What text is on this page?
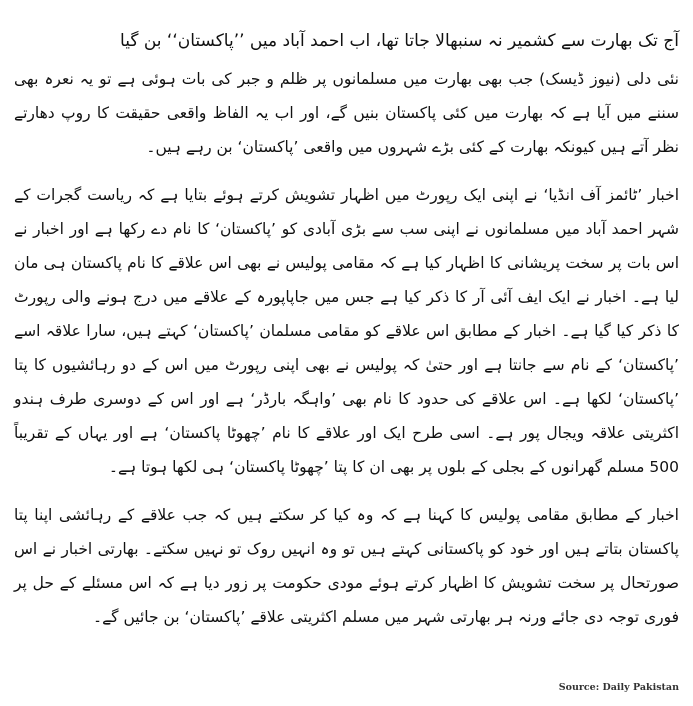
آج تک بھارت سے کشمیر نہ سنبھالا جاتا تھا، اب احمد آباد میں ’’پاکستان‘‘ بن گیا

نئی دلی (نیوز ڈیسک) جب بھی بھارت میں مسلمانوں پر ظلم و جبر کی بات ہوئی ہے تو یہ نعرہ بھی سننے میں آیا ہے کہ بھارت میں کئی پاکستان بنیں گے، اور اب یہ الفاظ واقعی حقیقت کا روپ دھارتے نظر آتے ہیں کیونکہ بھارت کے کئی بڑے شہروں میں واقعی ’پاکستان‘ بن رہے ہیں۔

اخبار ’ٹائمز آف انڈیا‘ نے اپنی ایک رپورٹ میں اظہار تشویش کرتے ہوئے بتایا ہے کہ ریاست گجرات کے شہر احمد آباد میں مسلمانوں نے اپنی سب سے بڑی آبادی کو ’پاکستان‘ کا نام دے رکھا ہے اور اخبار نے اس بات پر سخت پریشانی کا اظہار کیا ہے کہ مقامی پولیس نے بھی اس علاقے کا نام پاکستان ہی مان لیا ہے۔ اخبار نے ایک ایف آئی آر کا ذکر کیا ہے جس میں جاپاپورہ کے علاقے میں درج ہونے والی رپورٹ کا ذکر کیا گیا ہے۔ اخبار کے مطابق اس علاقے کو مقامی مسلمان ’پاکستان‘ کہتے ہیں، سارا علاقہ اسے ’پاکستان‘ کے نام سے جانتا ہے اور حتیٰ کہ پولیس نے بھی اپنی رپورٹ میں اس کے دو رہائشیوں کا پتا ’پاکستان‘ لکھا ہے۔ اس علاقے کی حدود کا نام بھی ’واہگہ بارڈر‘ ہے اور اس کے دوسری طرف ہندو اکثریتی علاقہ ویجال پور ہے۔ اسی طرح ایک اور علاقے کا نام ’چھوٹا پاکستان‘ ہے اور یہاں کے تقریباً 500 مسلم گھرانوں کے بجلی کے بلوں پر بھی ان کا پتا ’چھوٹا پاکستان‘ ہی لکھا ہوتا ہے۔

اخبار کے مطابق مقامی پولیس کا کہنا ہے کہ وہ کیا کر سکتے ہیں کہ جب علاقے کے رہائشی اپنا پتا پاکستان بتاتے ہیں اور خود کو پاکستانی کہتے ہیں تو وہ انہیں روک تو نہیں سکتے۔ بھارتی اخبار نے اس صورتحال پر سخت تشویش کا اظہار کرتے ہوئے مودی حکومت پر زور دیا ہے کہ اس مسئلے کے حل پر فوری توجہ دی جائے ورنہ ہر بھارتی شہر میں مسلم اکثریتی علاقے ’پاکستان‘ بن جائیں گے۔

Source: Daily Pakistan
